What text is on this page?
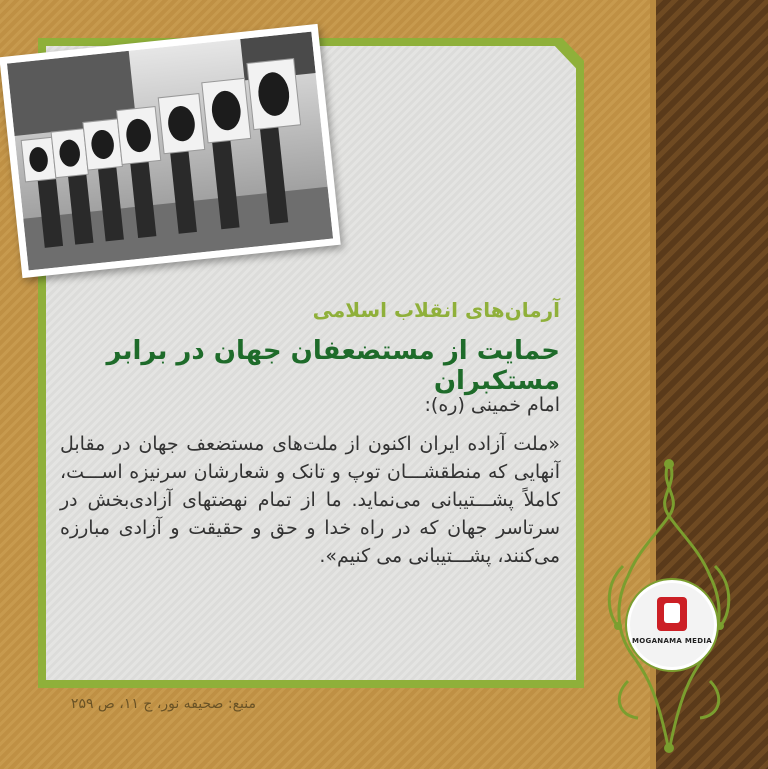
آرمان‌های انقلاب اسلامی
حمایت از مستضعفان جهان در برابر مستکبران
امام خمینی (ره):
«ملت آزاده ایران اکنون از ملت‌های مستضعف جهان در مقابل آنهایی که منطقشـــان توپ و تانک و شعارشان سرنیزه اســـت، کاملاً پشـــتیبانی می‌نماید. ما از تمام نهضتهای آزادی‌بخش در سرتاسر جهان که در راه خدا و حق و حقیقت و آزادی مبارزه می‌کنند، پشـــتیبانی می کنیم».
منبع: صحیفه نور، ج ۱۱، ص ۲۵۹
MOGANAMA MEDIA
